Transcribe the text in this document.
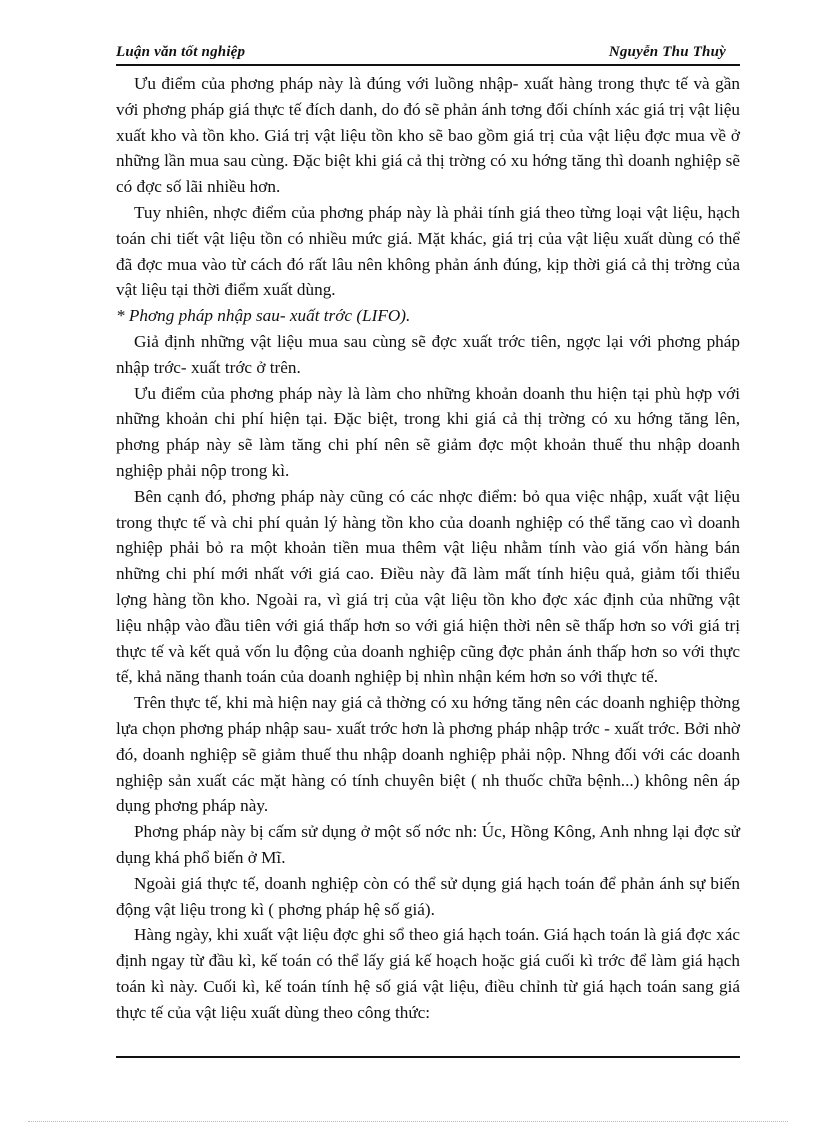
Luận văn tốt nghiệp	Nguyễn Thu Thuỳ

Ưu điểm của phơng pháp này là đúng với luồng nhập- xuất hàng trong thực tế và gần với phơng pháp giá thực tế đích danh, do đó sẽ phản ánh tơng đối chính xác giá trị vật liệu xuất kho và tồn kho. Giá trị vật liệu tồn kho sẽ bao gồm giá trị của vật liệu đợc mua về ở những lần mua sau cùng. Đặc biệt khi giá cả thị trờng có xu hớng tăng thì doanh nghiệp sẽ có đợc số lãi nhiều hơn.

Tuy nhiên, nhợc điểm của phơng pháp này là phải tính giá theo từng loại vật liệu, hạch toán chi tiết vật liệu tồn có nhiều mức giá. Mặt khác, giá trị của vật liệu xuất dùng có thể đã đợc mua vào từ cách đó rất lâu nên không phản ánh đúng, kịp thời giá cả thị trờng của vật liệu tại thời điểm xuất dùng.

* Phơng pháp nhập sau- xuất trớc (LIFO).

Giả định những vật liệu mua sau cùng sẽ đợc xuất trớc tiên, ngợc lại với phơng pháp nhập trớc- xuất trớc ở trên.

Ưu điểm của phơng pháp này là làm cho những khoản doanh thu hiện tại phù hợp với những khoản chi phí hiện tại. Đặc biệt, trong khi giá cả thị trờng có xu hớng tăng lên, phơng pháp này sẽ làm tăng chi phí nên sẽ giảm đợc một khoản thuế thu nhập doanh nghiệp phải nộp trong kì.

Bên cạnh đó, phơng pháp này cũng có các nhợc điểm: bỏ qua việc nhập, xuất vật liệu trong thực tế và chi phí quản lý hàng tồn kho của doanh nghiệp có thể tăng cao vì doanh nghiệp phải bỏ ra một khoản tiền mua thêm vật liệu nhằm tính vào giá vốn hàng bán những chi phí mới nhất với giá cao. Điều này đã làm mất tính hiệu quả, giảm tối thiểu lợng hàng tồn kho. Ngoài ra, vì giá trị của vật liệu tồn kho đợc xác định của những vật liệu nhập vào đầu tiên với giá thấp hơn so với giá hiện thời nên sẽ thấp hơn so với giá trị thực tế và kết quả vốn lu động của doanh nghiệp cũng đợc phản ánh thấp hơn so với thực tế, khả năng thanh toán của doanh nghiệp bị nhìn nhận kém hơn so với thực tế.

Trên thực tế, khi mà hiện nay giá cả thờng có xu hớng tăng nên các doanh nghiệp thờng lựa chọn phơng pháp nhập sau- xuất trớc hơn là phơng pháp nhập trớc - xuất trớc. Bởi nhờ đó, doanh nghiệp sẽ giảm thuế thu nhập doanh nghiệp phải nộp. Nhng đối với các doanh nghiệp sản xuất các mặt hàng có tính chuyên biệt ( nh thuốc chữa bệnh...) không nên áp dụng phơng pháp này.

Phơng pháp này bị cấm sử dụng ở một số nớc nh: Úc, Hồng Kông, Anh nhng lại đợc sử dụng khá phổ biến ở Mĩ.

Ngoài giá thực tế, doanh nghiệp còn có thể sử dụng giá hạch toán để phản ánh sự biến động vật liệu trong kì ( phơng pháp hệ số giá).

Hàng ngày, khi xuất vật liệu đợc ghi sổ theo giá hạch toán. Giá hạch toán là giá đợc xác định ngay từ đầu kì, kế toán có thể lấy giá kế hoạch hoặc giá cuối kì trớc để làm giá hạch toán kì này. Cuối kì, kế toán tính hệ số giá vật liệu, điều chỉnh từ giá hạch toán sang giá thực tế của vật liệu xuất dùng theo công thức:
